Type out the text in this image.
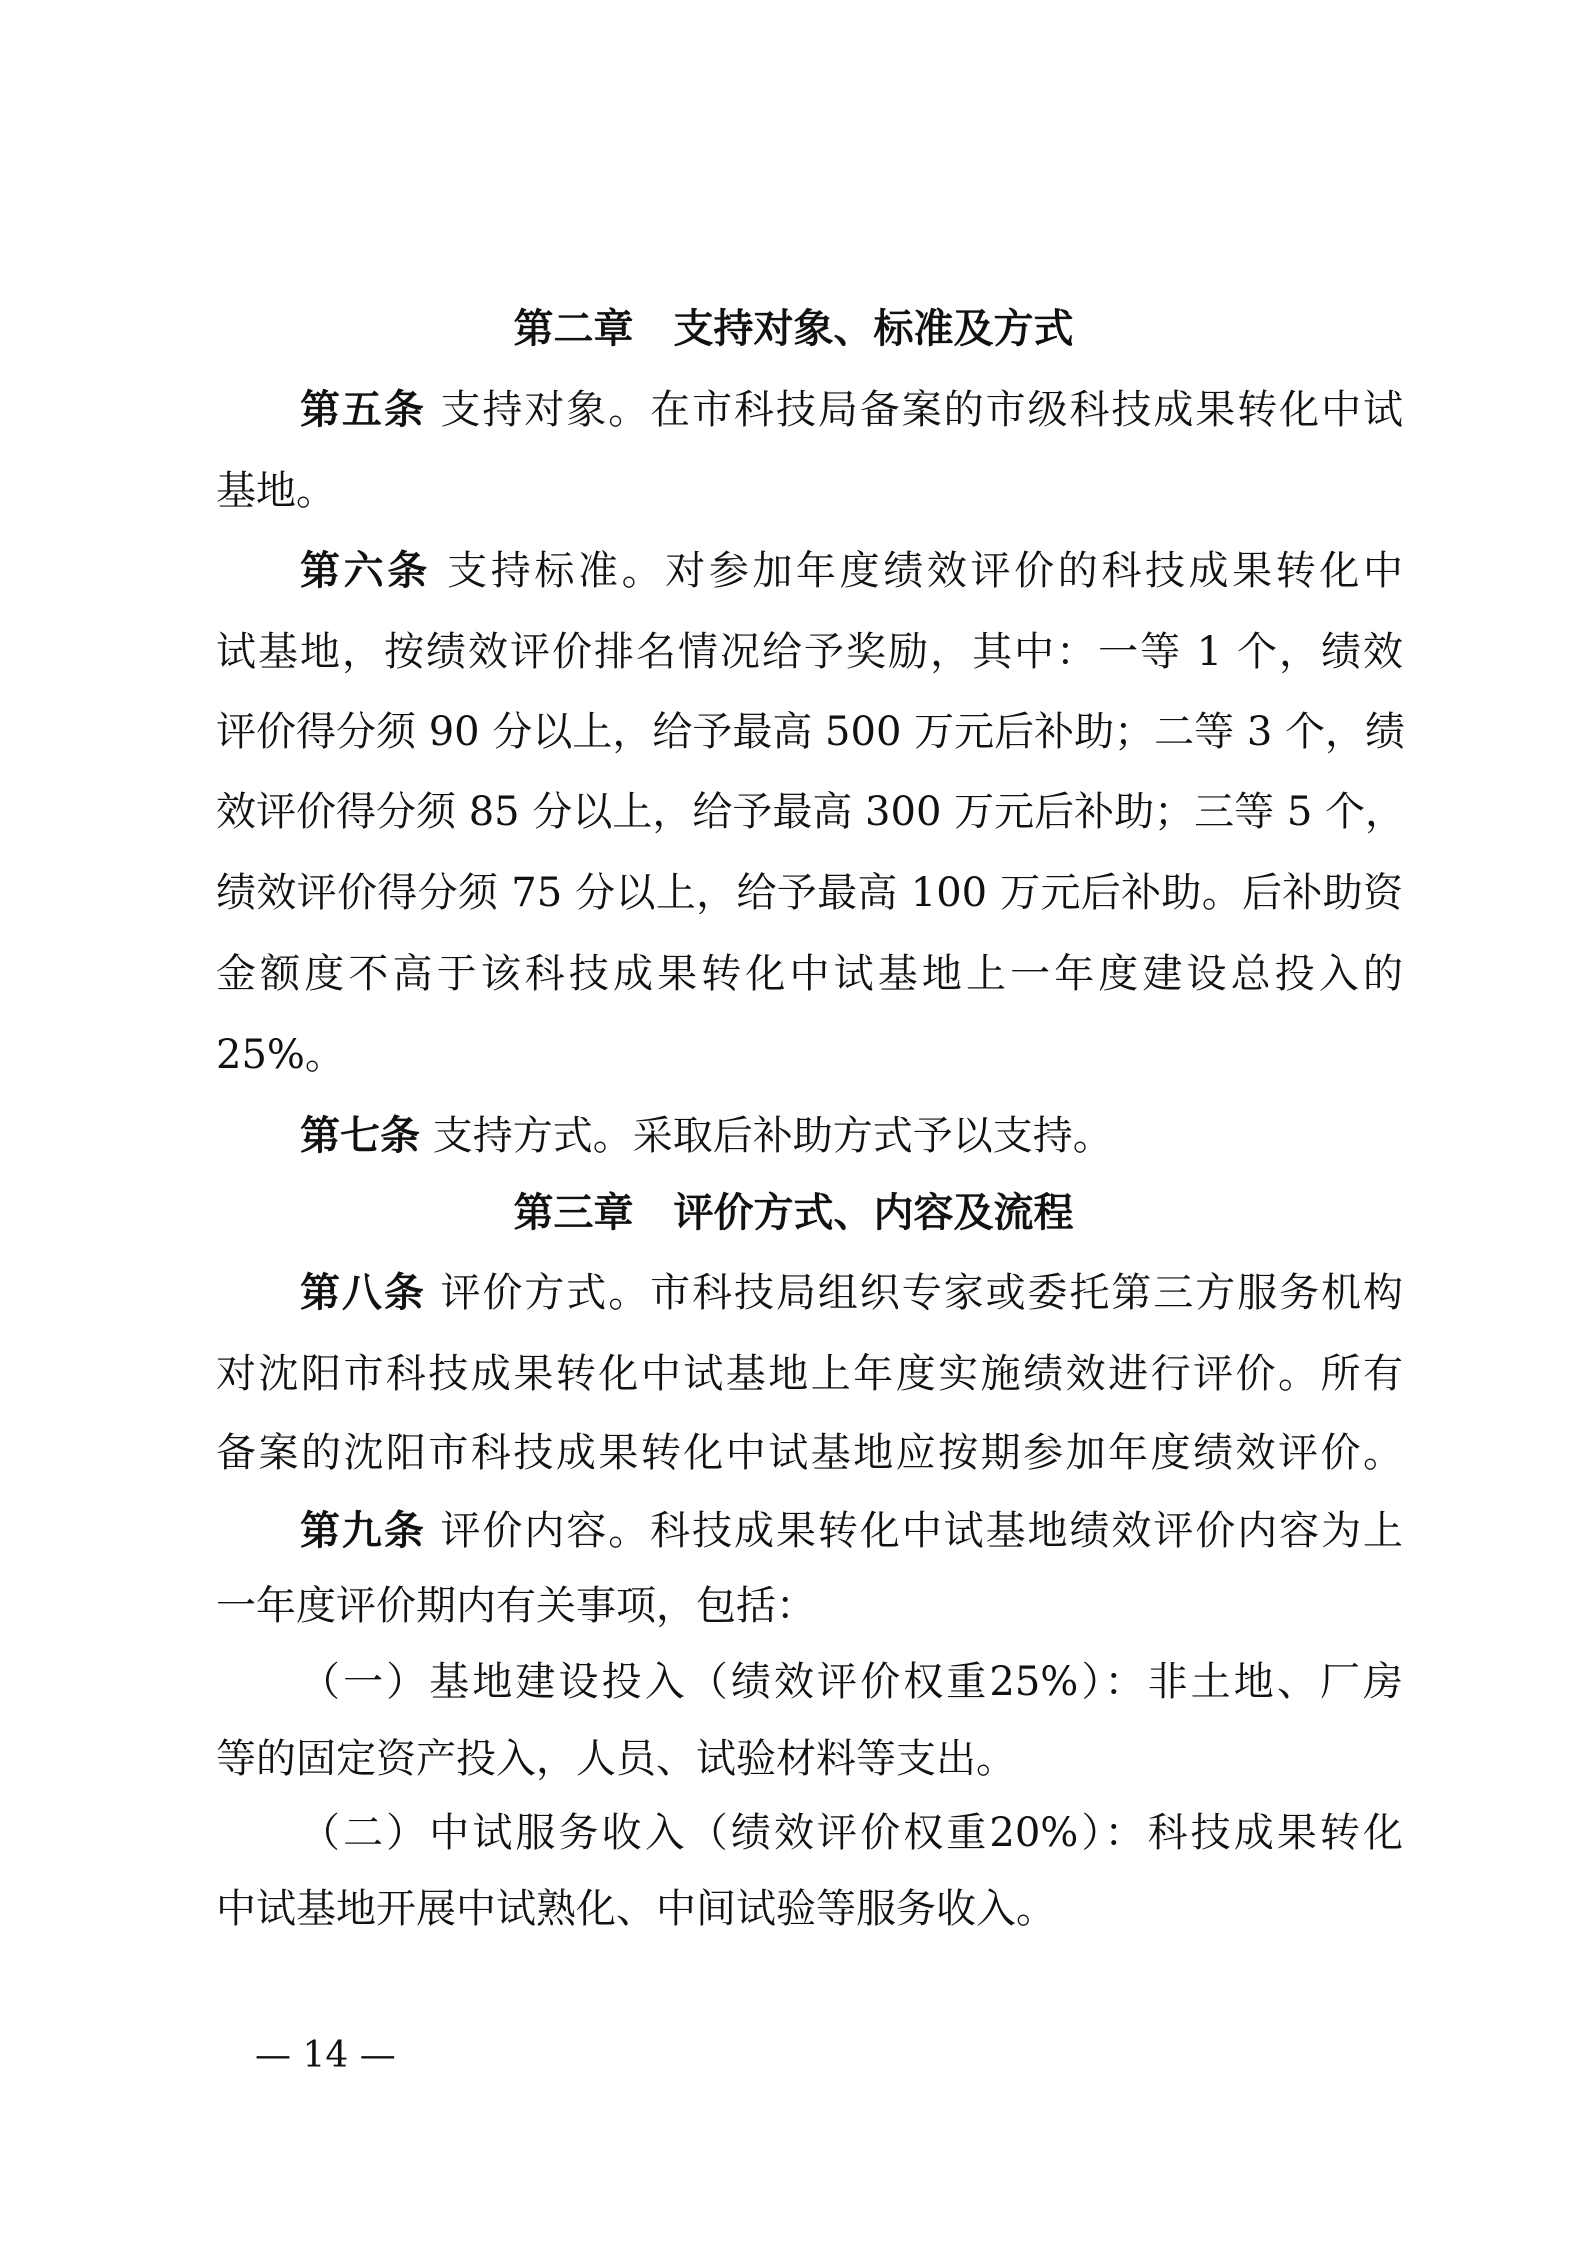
第二章　支持对象、标准及方式
第五条 支持对象。在市科技局备案的市级科技成果转化中试
基地。
第六条 支持标准。对参加年度绩效评价的科技成果转化中
试基地，按绩效评价排名情况给予奖励，其中：一等 1 个，绩效
评价得分须 90 分以上，给予最高 500 万元后补助；二等 3 个，绩
效评价得分须 85 分以上，给予最高 300 万元后补助；三等 5 个，
绩效评价得分须 75 分以上，给予最高 100 万元后补助。后补助资
金额度不高于该科技成果转化中试基地上一年度建设总投入的
25%。
第七条 支持方式。采取后补助方式予以支持。
第三章　评价方式、内容及流程
第八条 评价方式。市科技局组织专家或委托第三方服务机构
对沈阳市科技成果转化中试基地上年度实施绩效进行评价。所有
备案的沈阳市科技成果转化中试基地应按期参加年度绩效评价。
第九条 评价内容。科技成果转化中试基地绩效评价内容为上
一年度评价期内有关事项，包括：
（一）基地建设投入（绩效评价权重25%）：非土地、厂房
等的固定资产投入，人员、试验材料等支出。
（二）中试服务收入（绩效评价权重20%）：科技成果转化
中试基地开展中试熟化、中间试验等服务收入。
— 14 —
